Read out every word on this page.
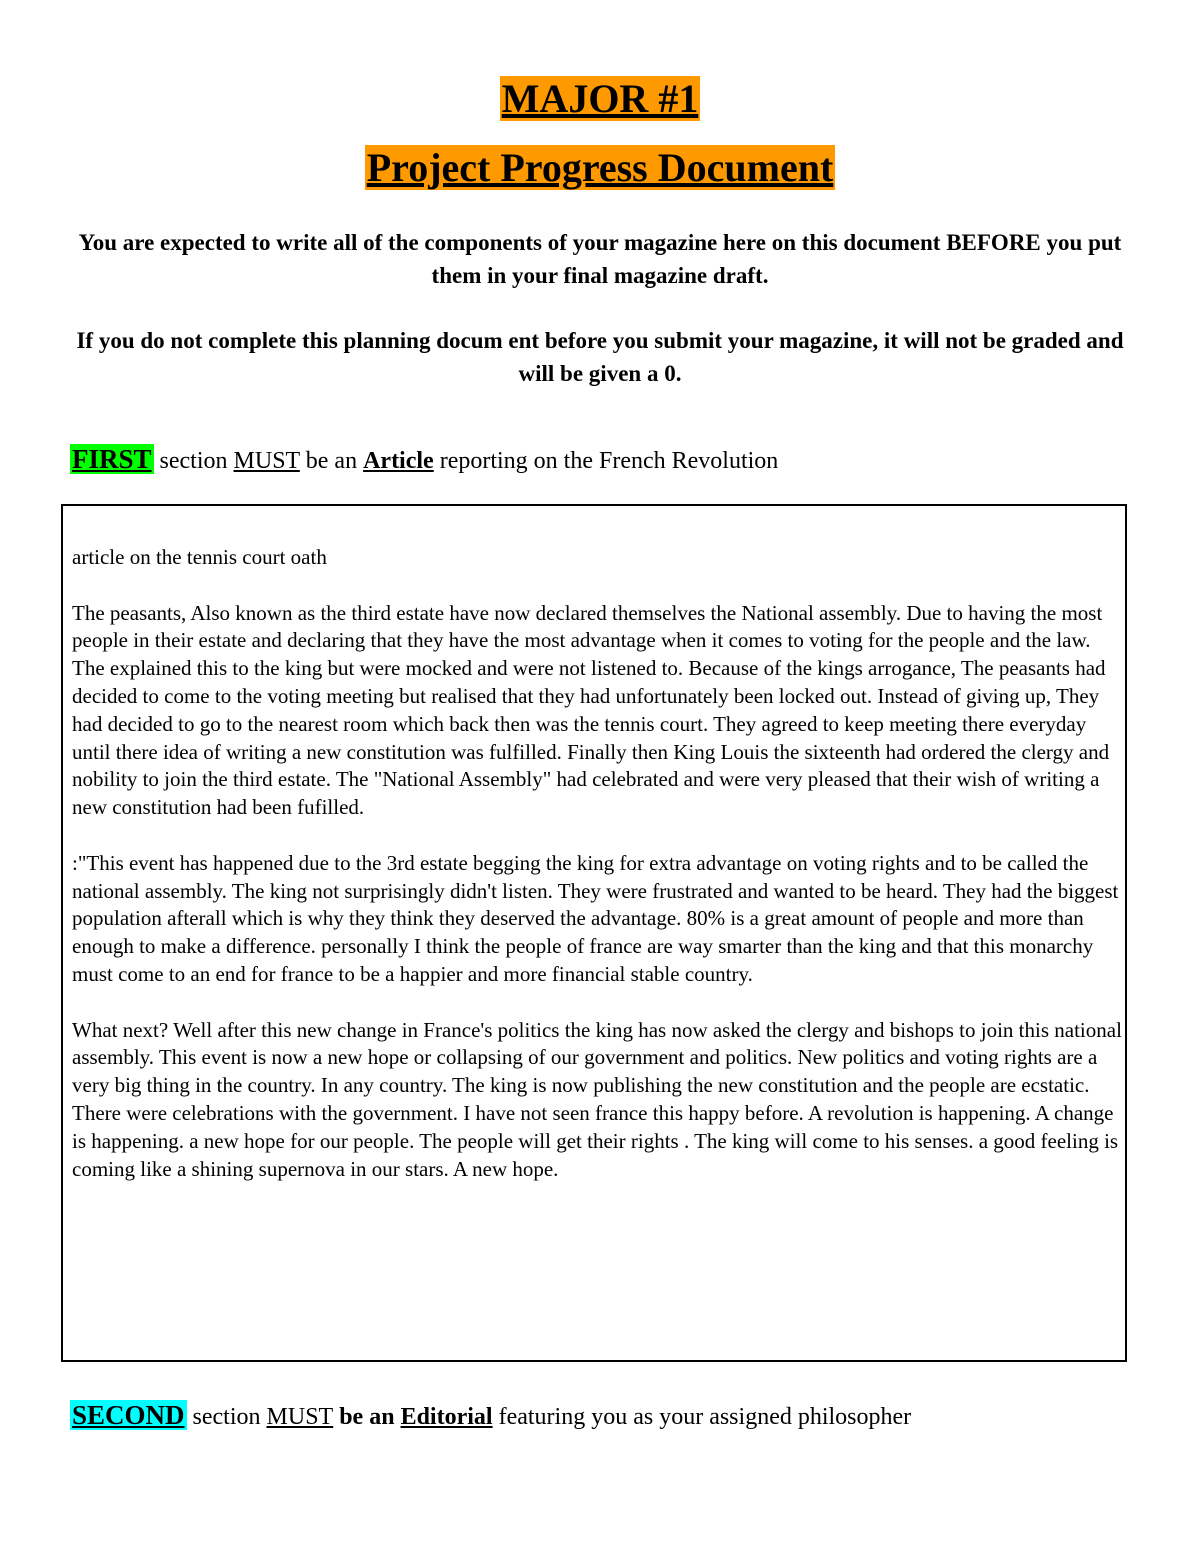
MAJOR #1
Project Progress Document
You are expected to write all of the components of your magazine here on this document BEFORE you put them in your final magazine draft.
If you do not complete this planning docum ent before you submit your magazine, it will not be graded and will be given a 0.
FIRST section MUST be an Article reporting on the French Revolution

article on the tennis court oath

The peasants, Also known as the third estate have now declared themselves the National assembly. Due to having the most people in their estate and declaring that they have the most advantage when it comes to voting for the people and the law. The explained this to the king but were mocked and were not listened to. Because of the kings arrogance, The peasants had decided to come to the voting meeting but realised that they had unfortunately been locked out. Instead of giving up, They had decided to go to the nearest room which back then was the tennis court. They agreed to keep meeting there everyday until there idea of writing a new constitution was fulfilled. Finally then King Louis the sixteenth had ordered the clergy and nobility to join the third estate. The "National Assembly" had celebrated and were very pleased that their wish of writing a new constitution had been fufilled.

:"This event has happened due to the 3rd estate begging the king for extra advantage on voting rights and to be called the national assembly. The king not surprisingly didn't listen. They were frustrated and wanted to be heard. They had the biggest population afterall which is why they think they deserved the advantage. 80% is a great amount of people and more than enough to make a difference. personally I think the people of france are way smarter than the king and that this monarchy must come to an end for france to be a happier and more financial stable country.

What next? Well after this new change in France's politics the king has now asked the clergy and bishops to join this national assembly. This event is now a new hope or collapsing of our government and politics. New politics and voting rights are a very big thing in the country. In any country. The king is now publishing the new constitution and the people are ecstatic. There were celebrations with the government. I have not seen france this happy before. A revolution is happening. A change is happening. a new hope for our people. The people will get their rights . The king will come to his senses. a good feeling is coming like a shining supernova in our stars. A new hope.

SECOND section MUST be an Editorial featuring you as your assigned philosopher
